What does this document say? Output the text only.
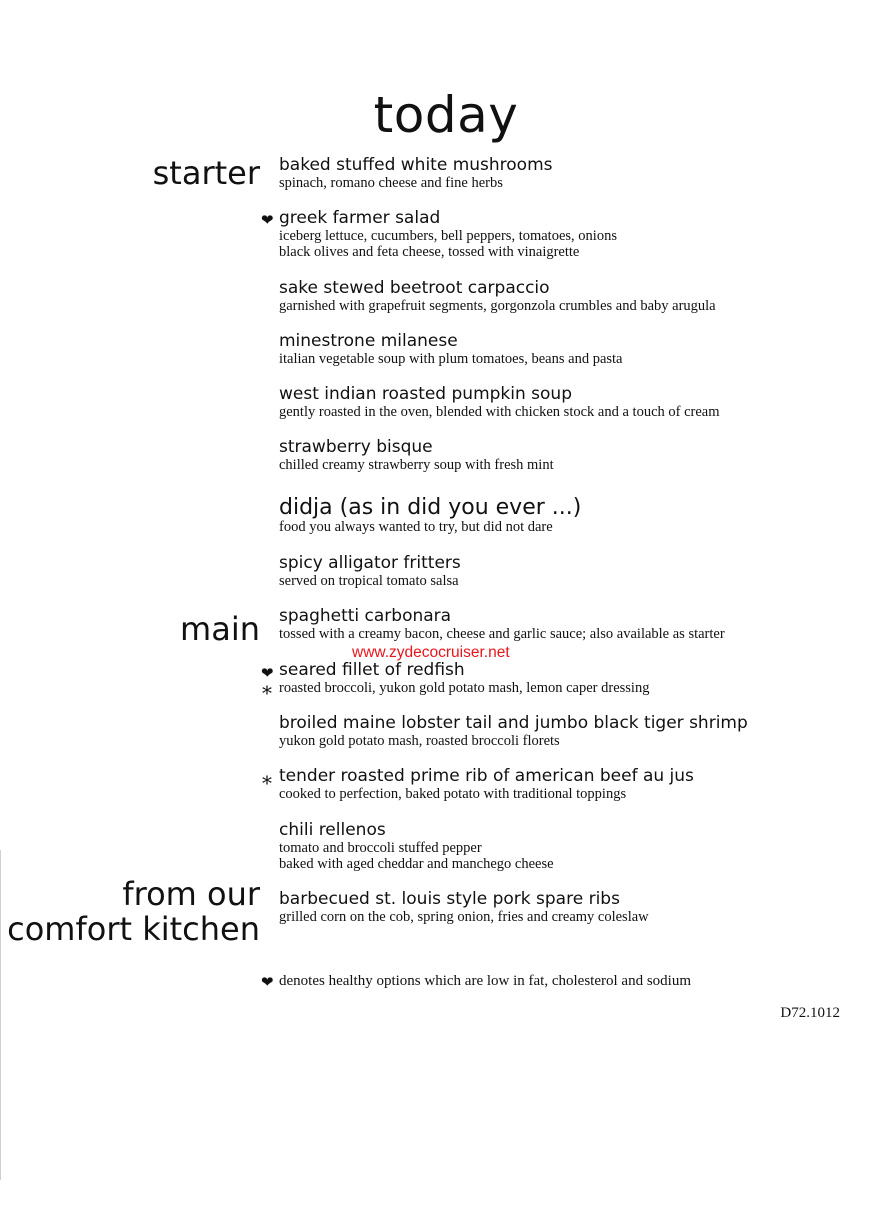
today
starter
main
from our
comfort kitchen
baked stuffed white mushrooms
spinach, romano cheese and fine herbs
❤ greek farmer salad
iceberg lettuce, cucumbers, bell peppers, tomatoes, onions
black olives and feta cheese, tossed with vinaigrette
sake stewed beetroot carpaccio
garnished with grapefruit segments, gorgonzola crumbles and baby arugula
minestrone milanese
italian vegetable soup with plum tomatoes, beans and pasta
west indian roasted pumpkin soup
gently roasted in the oven, blended with chicken stock and a touch of cream
strawberry bisque
chilled creamy strawberry soup with fresh mint
didja (as in did you ever ...)
food you always wanted to try, but did not dare
spicy alligator fritters
served on tropical tomato salsa
spaghetti carbonara
tossed with a creamy bacon, cheese and garlic sauce; also available as starter
www.zydecocruiser.net
❤
*
seared fillet of redfish
roasted broccoli, yukon gold potato mash, lemon caper dressing
broiled maine lobster tail and jumbo black tiger shrimp
yukon gold potato mash, roasted broccoli florets
* tender roasted prime rib of american beef au jus
cooked to perfection, baked potato with traditional toppings
chili rellenos
tomato and broccoli stuffed pepper
baked with aged cheddar and manchego cheese
barbecued st. louis style pork spare ribs
grilled corn on the cob, spring onion, fries and creamy coleslaw
❤ denotes healthy options which are low in fat, cholesterol and sodium
D72.1012
